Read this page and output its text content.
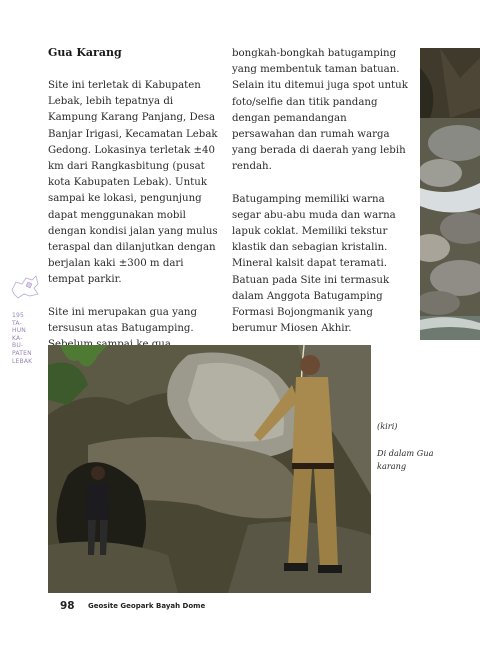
Gua Karang

Site ini terletak di Kabupaten Lebak, lebih tepatnya di Kampung Karang Panjang, Desa Banjar Irigasi, Kecamatan Lebak Gedong. Lokasinya terletak ±40 km dari Rangkasbitung (pusat kota Kabupaten Lebak). Untuk sampai ke lokasi, pengunjung dapat menggunakan mobil dengan kondisi jalan yang mulus teraspal dan dilanjutkan dengan berjalan kaki ±300 m dari tempat parkir.

Site ini merupakan gua yang tersusun atas Batugamping.

bongkah-bongkah batugamping yang membentuk taman batuan. Selain itu ditemui juga spot untuk foto/selfie dan titik pandang dengan pemandangan persawahan dan rumah warga yang berada di daerah yang lebih rendah.

Batugamping memiliki warna segar abu-abu muda dan warna lapuk coklat. Memiliki tekstur klastik dan sebagian kristalin. Mineral kalsit dapat teramati. Batuan pada Site ini termasuk dalam Anggota Batugamping Formasi Bojongmanik yang berumur Miosen Akhir.

195
TA-
HUN
KA-
BU-
PATEN
LEBAK

(kiri)

Di dalam Gua karang

98 Geosite Geopark Bayah Dome
